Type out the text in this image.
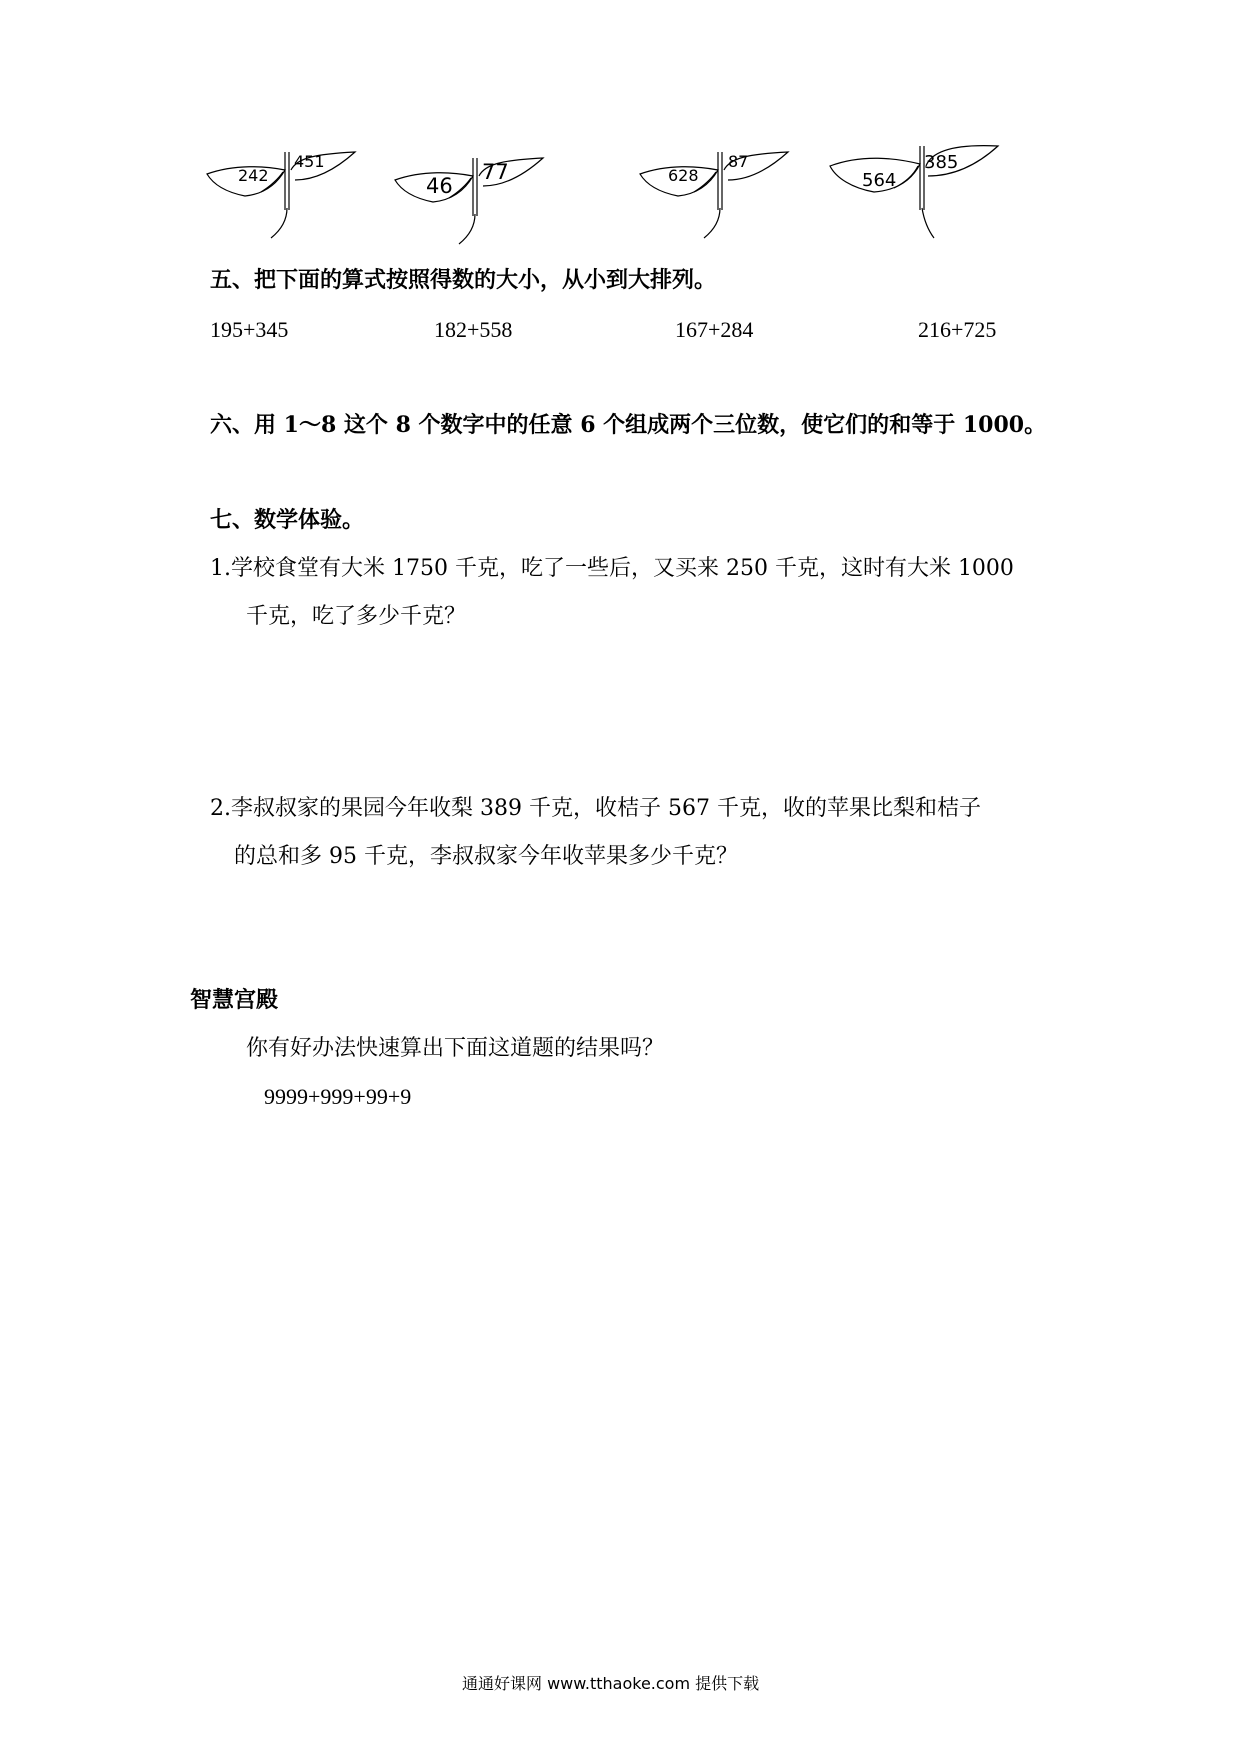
242
451
46
77	628
87
564
385
五、把下面的算式按照得数的大小，从小到大排列。
195+345	182+558	167+284	216+725
六、用 1～8 这个 8 个数字中的任意 6 个组成两个三位数，使它们的和等于 1000。
七、数学体验。
1.学校食堂有大米 1750 千克，吃了一些后，又买来 250 千克，这时有大米 1000
千克，吃了多少千克？
2.李叔叔家的果园今年收梨 389 千克，收桔子 567 千克，收的苹果比梨和桔子
的总和多 95 千克，李叔叔家今年收苹果多少千克？
智慧宫殿
你有好办法快速算出下面这道题的结果吗？
9999+999+99+9
通通好课网 www.tthaoke.com 提供下载
